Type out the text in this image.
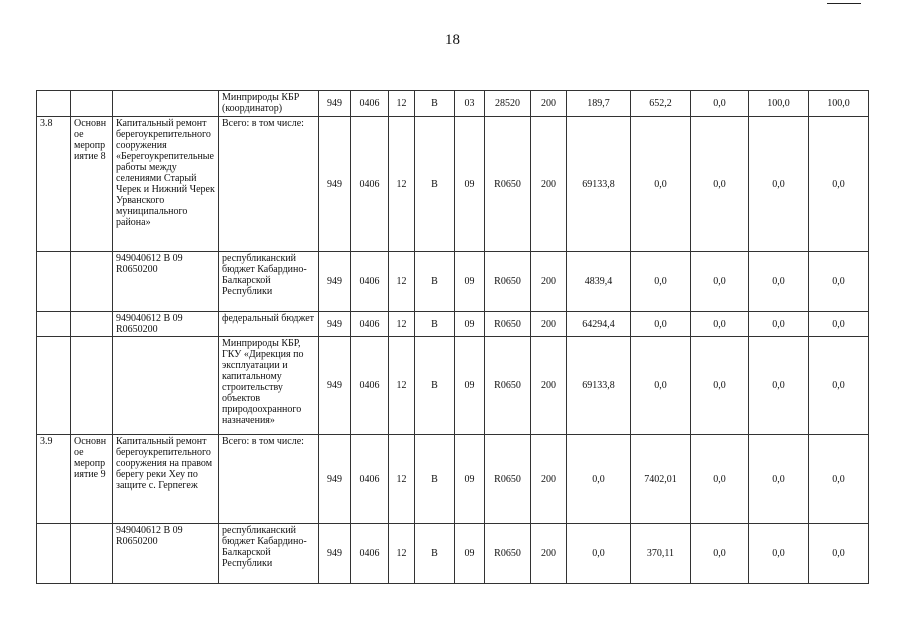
18
			Минприроды КБР (координатор)	949	0406	12	В	03	28520	200	189,7	652,2	0,0	100,0	100,0
3.8	Основное мероприятие 8	Капитальный ремонт берегоукрепительного сооружения «Берегоукрепительные работы между селениями Старый Черек и Нижний Черек Урванского муниципального района»	Всего: в том числе:	949	0406	12	В	09	R0650	200	69133,8	0,0	0,0	0,0	0,0
		949040612 В 09 R0650200	республиканский бюджет Кабардино-Балкарской Республики	949	0406	12	В	09	R0650	200	4839,4	0,0	0,0	0,0	0,0
		949040612 В 09 R0650200	федеральный бюджет	949	0406	12	В	09	R0650	200	64294,4	0,0	0,0	0,0	0,0
			Минприроды КБР, ГКУ «Дирекция по эксплуатации и капитальному строительству объектов природоохранного назначения»	949	0406	12	В	09	R0650	200	69133,8	0,0	0,0	0,0	0,0
3.9	Основное мероприятие 9	Капитальный ремонт берегоукрепительного сооружения на правом берегу реки Хеу по защите с. Герпегеж	Всего: в том числе:	949	0406	12	В	09	R0650	200	0,0	7402,01	0,0	0,0	0,0
		949040612 В 09 R0650200	республиканский бюджет Кабардино-Балкарской Республики	949	0406	12	В	09	R0650	200	0,0	370,11	0,0	0,0	0,0
